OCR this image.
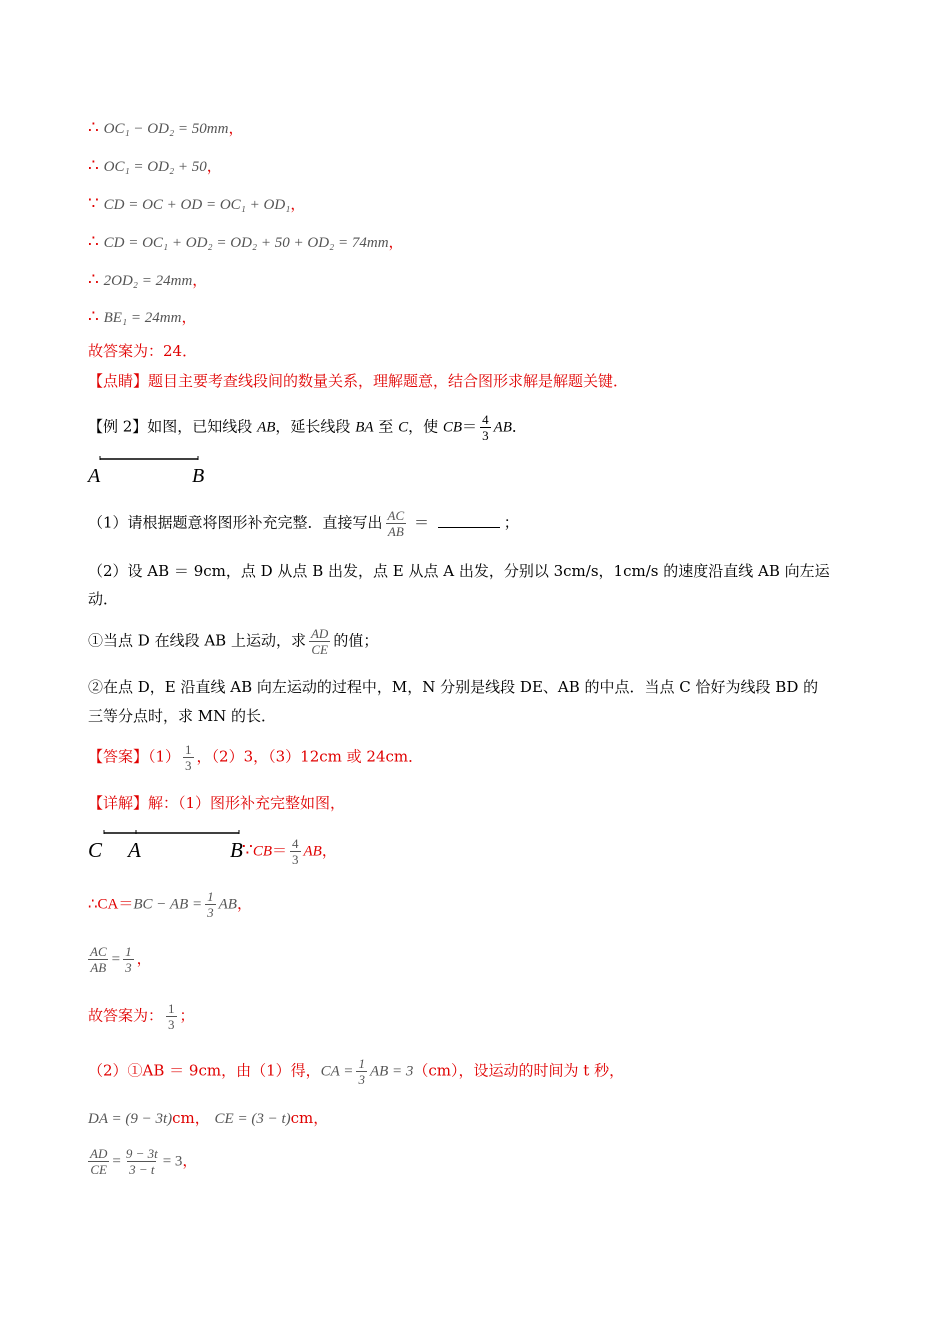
∴ OC₁ − OD₂ = 50mm，
∴ OC₁ = OD₂ + 50，
∵ CD = OC + OD = OC₁ + OD₁，
∴ CD = OC₁ + OD₂ = OD₂ + 50 + OD₂ = 74mm，
∴ 2OD₂ = 24mm，
∴ BE₁ = 24mm，
故答案为：24．
【点睛】题目主要考查线段间的数量关系，理解题意，结合图形求解是解题关键．
【例 2】如图，已知线段 AB，延长线段 BA 至 C，使 $CB= \frac{4}{3}$ AB．
A	B
（1）请根据题意将图形补充完整．直接写出 $\frac{AC}{AB}$ ＝	；
（2）设 AB ＝ 9cm，点 D 从点 B 出发，点 E 从点 A 出发，分别以 3cm/s，1cm/s 的速度沿直线 AB 向左运
动．
①当点 D 在线段 AB 上运动，求 $\frac{AD}{CE}$ 的值；
②在点 D，E 沿直线 AB 向左运动的过程中，M，N 分别是线段 DE、AB 的中点．当点 C 恰好为线段 BD 的
三等分点时，求 MN 的长．
【答案】$(1) \frac{1}{3}$ ，（2）3，（3）12cm 或 24cm．
【详解】解：（1）图形补充完整如图，
C A	B ∵CB＝ $\frac{4}{3}$ AB，
∴CA＝BC − AB = $\frac{1}{3}$ AB，
$\frac{AC}{AB} = \frac{1}{3}$ ，
故答案为： $\frac{1}{3}$ ；
（2）①AB ＝ 9cm，由（1）得，CA = $\frac{1}{3}$ AB = 3（cm），设运动的时间为 t 秒，
DA = (9 − 3t)cm， CE = (3 − t)cm，
$\frac{AD}{CE} = \frac{9 - 3t}{3 - t} = 3$，
